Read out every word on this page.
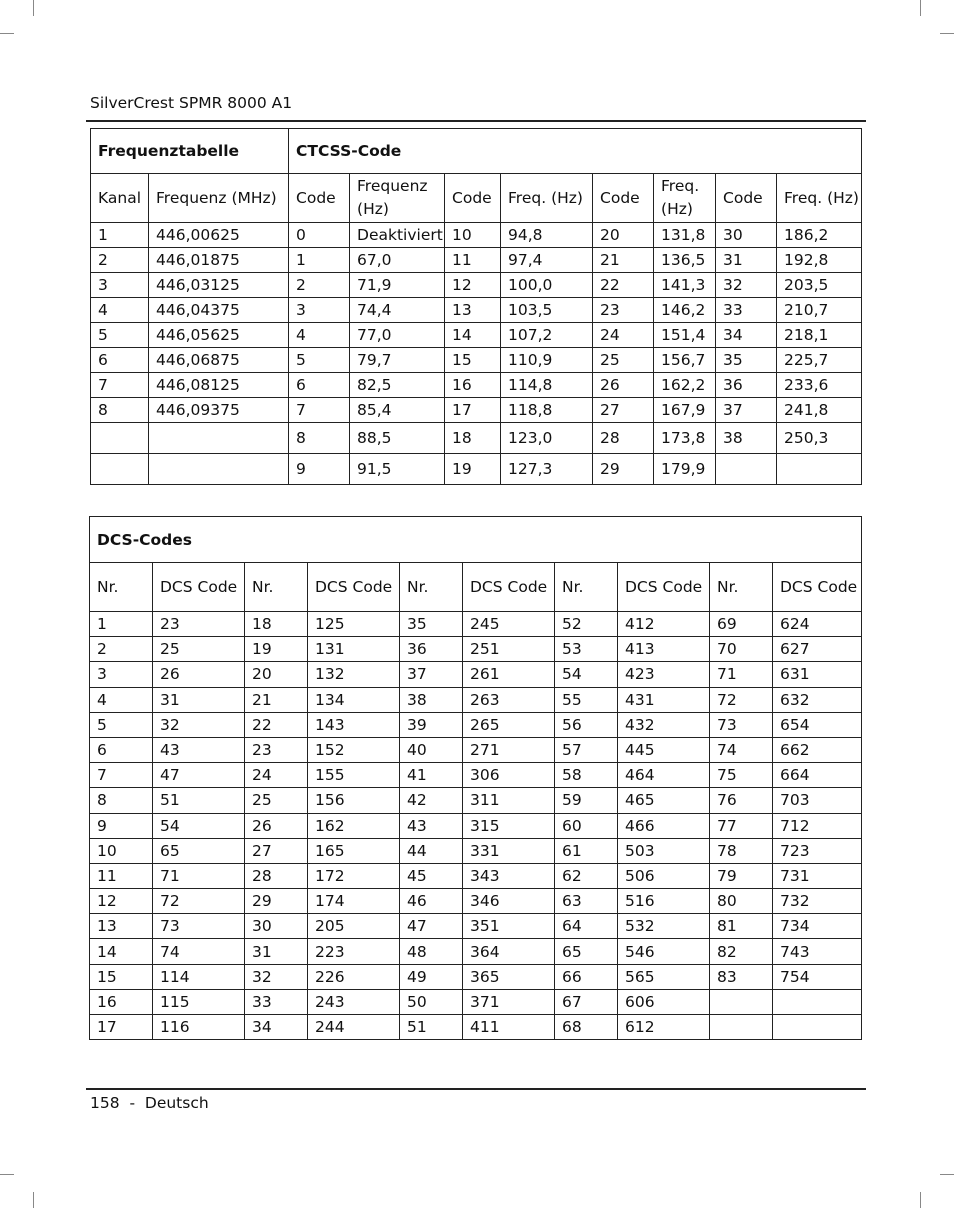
SilverCrest SPMR 8000 A1
Frequenztabelle		CTCSS-Code							
Kanal	Frequenz (MHz)	Code	Frequenz (Hz)	Code	Freq. (Hz)	Code	Freq. (Hz)	Code	Freq. (Hz)
1	446,00625	0	Deaktiviert	10	94,8	20	131,8	30	186,2
2	446,01875	1	67,0	11	97,4	21	136,5	31	192,8
3	446,03125	2	71,9	12	100,0	22	141,3	32	203,5
4	446,04375	3	74,4	13	103,5	23	146,2	33	210,7
5	446,05625	4	77,0	14	107,2	24	151,4	34	218,1
6	446,06875	5	79,7	15	110,9	25	156,7	35	225,7
7	446,08125	6	82,5	16	114,8	26	162,2	36	233,6
8	446,09375	7	85,4	17	118,8	27	167,9	37	241,8
		8	88,5	18	123,0	28	173,8	38	250,3
		9	91,5	19	127,3	29	179,9		
DCS-Codes									
Nr.	DCS Code	Nr.	DCS Code	Nr.	DCS Code	Nr.	DCS Code	Nr.	DCS Code
1	23	18	125	35	245	52	412	69	624
2	25	19	131	36	251	53	413	70	627
3	26	20	132	37	261	54	423	71	631
4	31	21	134	38	263	55	431	72	632
5	32	22	143	39	265	56	432	73	654
6	43	23	152	40	271	57	445	74	662
7	47	24	155	41	306	58	464	75	664
8	51	25	156	42	311	59	465	76	703
9	54	26	162	43	315	60	466	77	712
10	65	27	165	44	331	61	503	78	723
11	71	28	172	45	343	62	506	79	731
12	72	29	174	46	346	63	516	80	732
13	73	30	205	47	351	64	532	81	734
14	74	31	223	48	364	65	546	82	743
15	114	32	226	49	365	66	565	83	754
16	115	33	243	50	371	67	606		
17	116	34	244	51	411	68	612		
158  -  Deutsch
